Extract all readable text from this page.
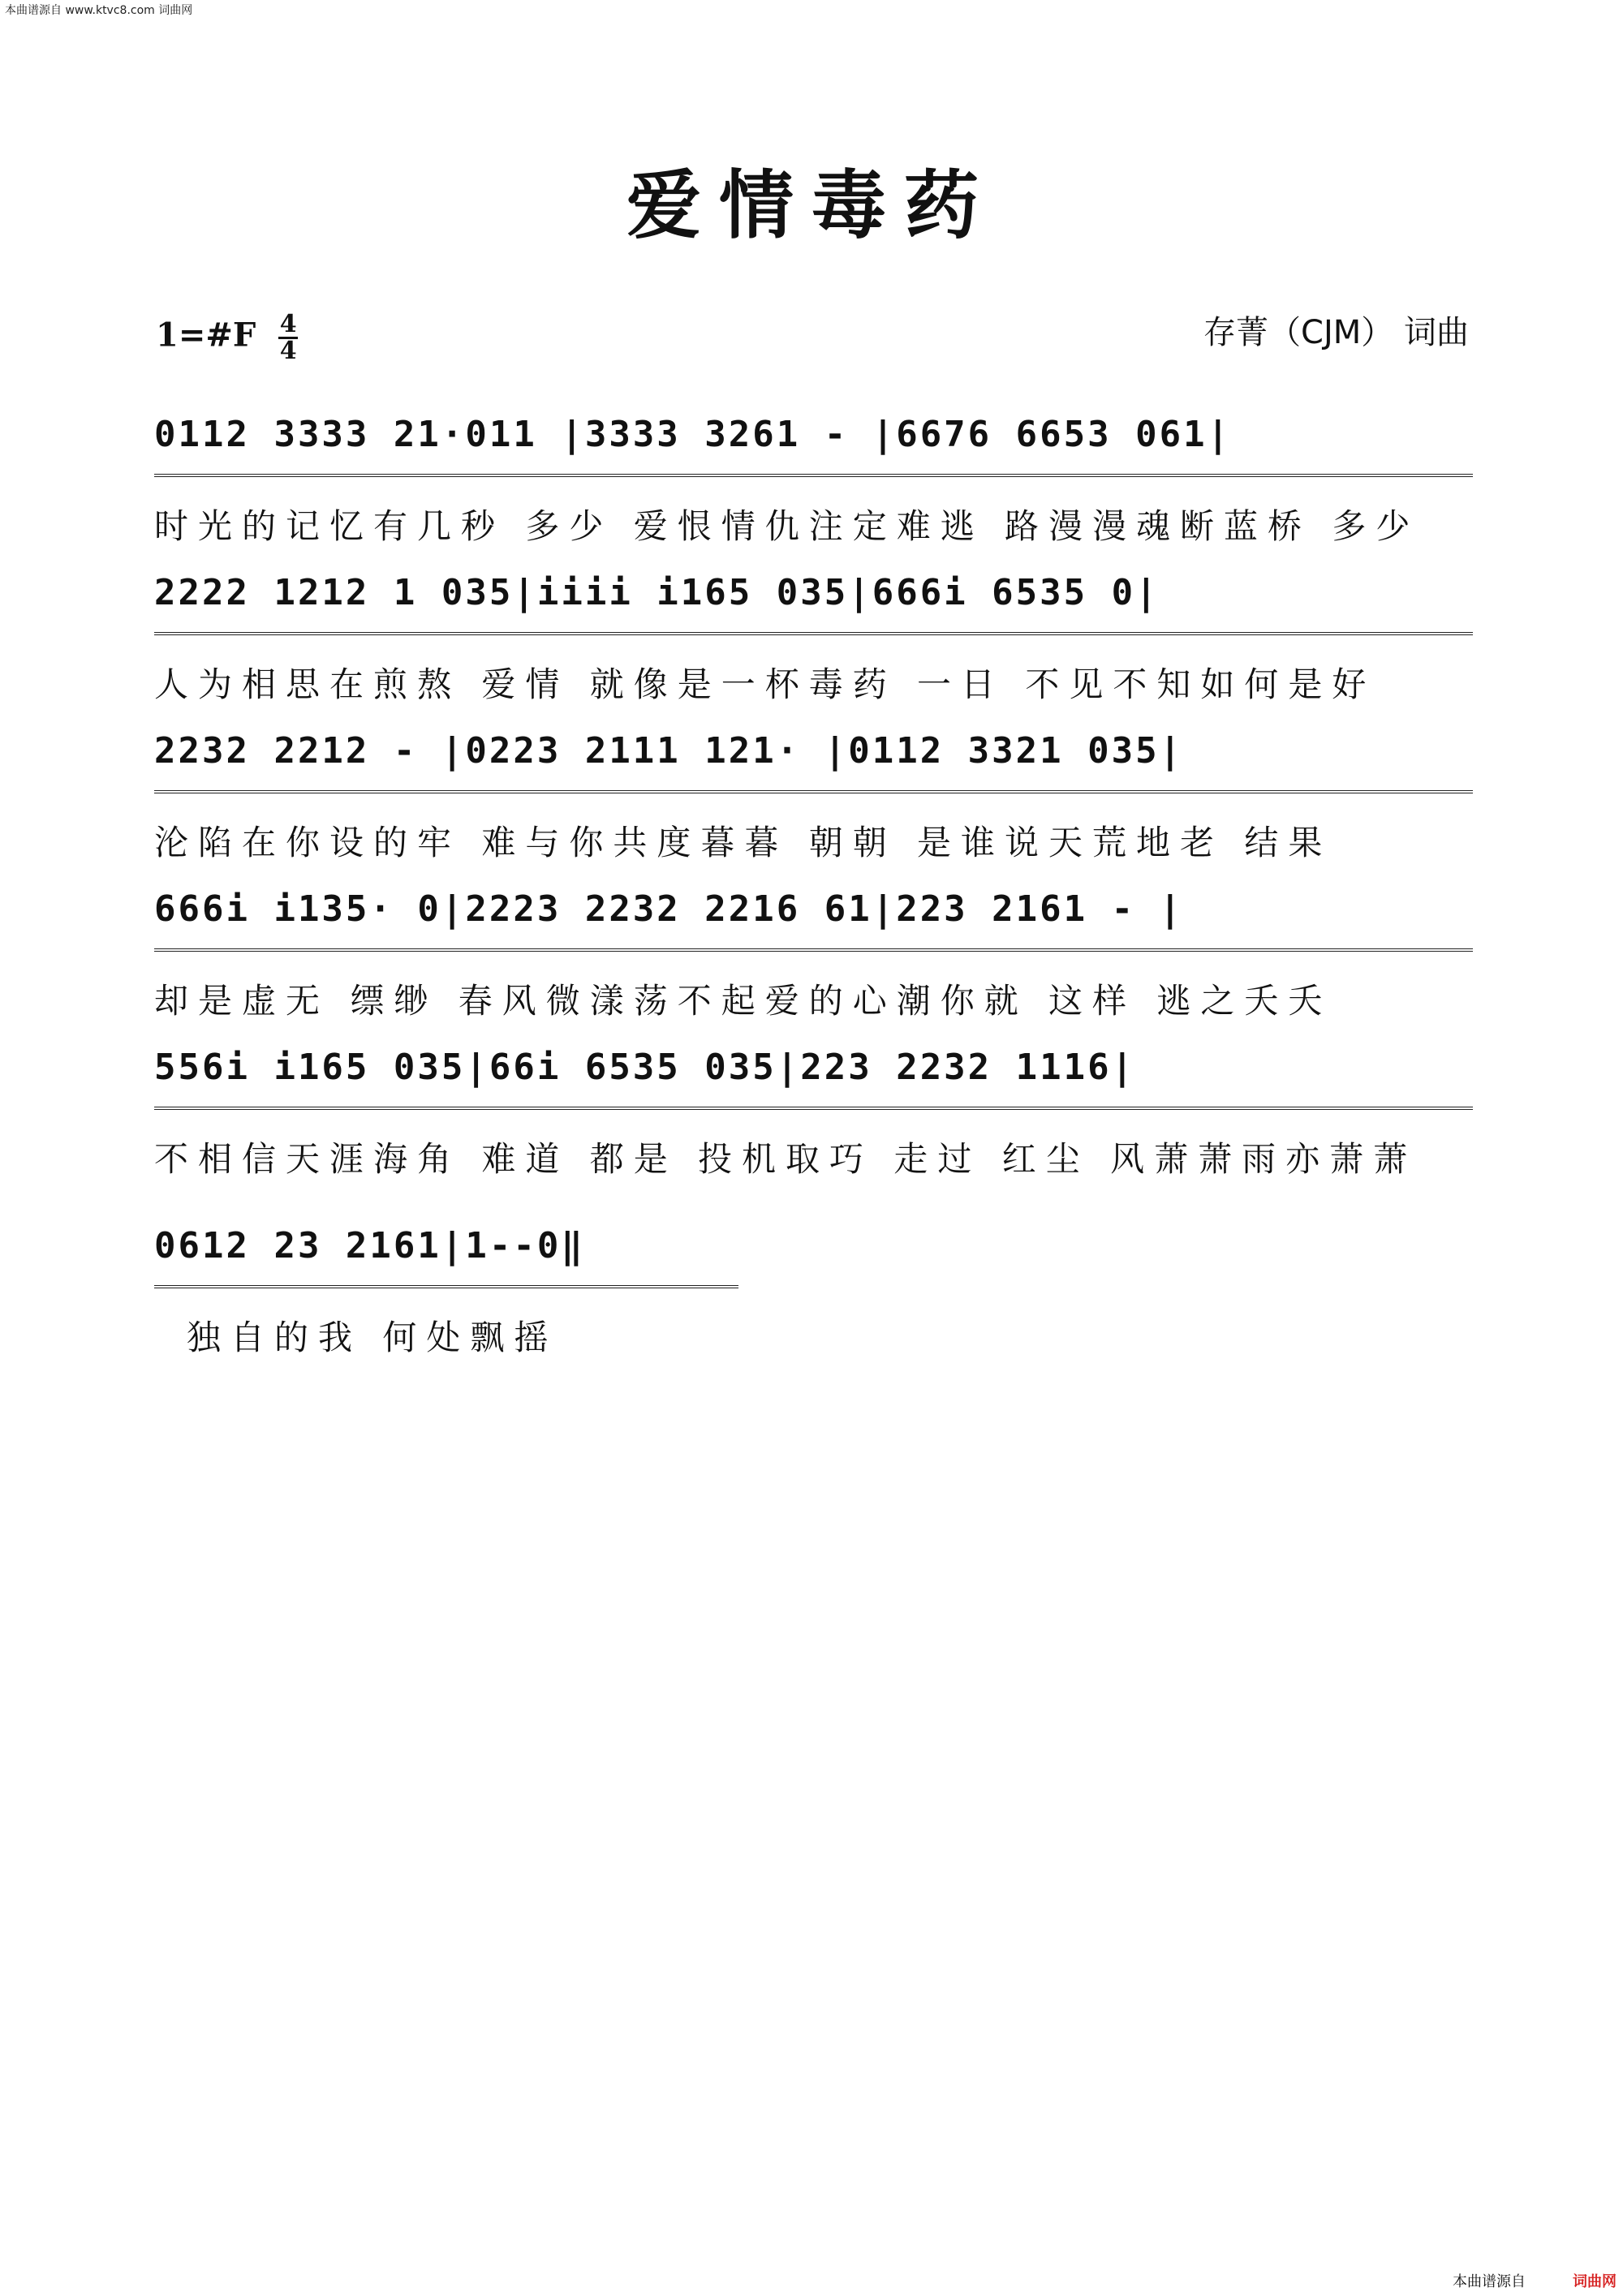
本曲谱源自 www.ktvc8.com 词曲网
爱情毒药
1=#F $\frac{4}{4}$	存菁（CJM） 词曲
0112 3333 21·011 |3333 3261 - |6676 6653 061|
时光的记忆有几秒 多少 爱恨情仇注定难逃 路漫漫魂断蓝桥 多少
2222 1212 1 035|iiii i165 035|666i 6535 0|
人为相思在煎熬 爱情 就像是一杯毒药 一日 不见不知如何是好
2232 2212 - |0223 2111 121· |0112 3321 035|
沦陷在你设的牢 难与你共度暮暮 朝朝 是谁说天荒地老 结果
666i i135· 0|2223 2232 2216 61|223 2161 - |
却是虚无 缥缈 春风微漾荡不起爱的心潮你就 这样 逃之夭夭
556i i165 035|66i 6535 035|223 2232 1116|
不相信天涯海角 难道 都是 投机取巧 走过 红尘 风萧萧雨亦萧萧
0612 23 2161|1--0‖
独自的我 何处飘摇
本曲谱源自	词曲网
